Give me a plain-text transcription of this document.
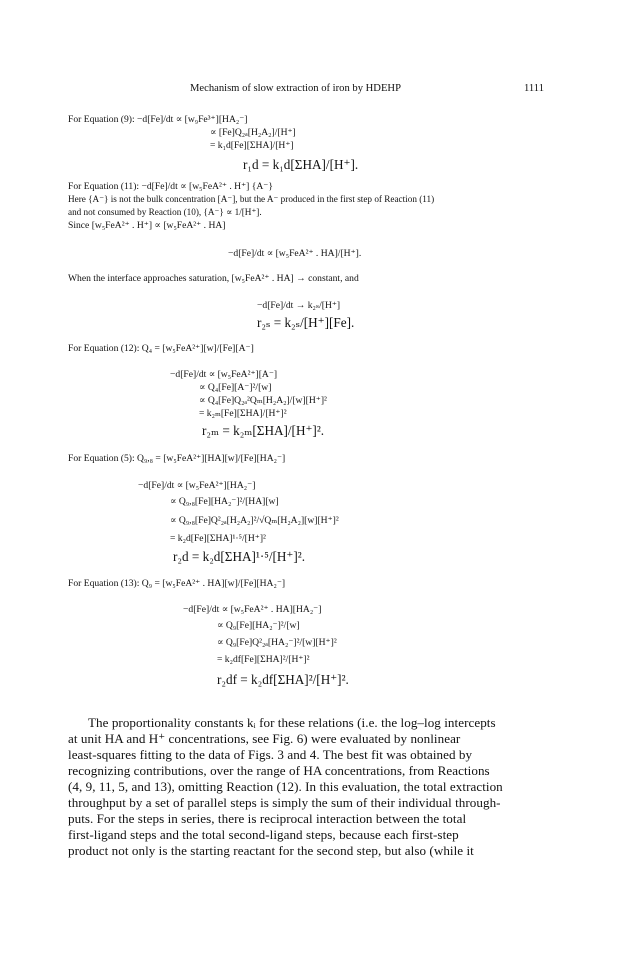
Mechanism of slow extraction of iron by HDEHP	1111
For Equation (9): −d[Fe]/dt ∝ [w₉Fe³⁺][HA₂⁻]
∝ [Fe]Q₂ₐ[H₂A₂]/[H⁺]
= k₁d[Fe][ΣHA]/[H⁺]
r₁d = k₁d[ΣHA]/[H⁺].
For Equation (11): −d[Fe]/dt ∝ [w₅FeA²⁺ . H⁺] {A⁻}
Here {A⁻} is not the bulk concentration [A⁻], but the A⁻ produced in the first step of Reaction (11)
and not consumed by Reaction (10), {A⁻} ∝ 1/[H⁺].
Since [w₅FeA²⁺ . H⁺] ∝ [w₅FeA²⁺ . HA]
−d[Fe]/dt ∝ [w₅FeA²⁺ . HA]/[H⁺].
When the interface approaches saturation, [w₅FeA²⁺ . HA] → constant, and
−d[Fe]/dt → k₂ₛ/[H⁺]
r₂ₛ = k₂ₛ/[H⁺][Fe].
For Equation (12): Q₄ = [w₅FeA²⁺][w]/[Fe][A⁻]
−d[Fe]/dt ∝ [w₅FeA²⁺][A⁻]
∝ Q₄[Fe][A⁻]²/[w]
∝ Q₄[Fe]Q₂ₐ²Qₘ[H₂A₂]/[w][H⁺]²
= k₂ₘ[Fe][ΣHA]/[H⁺]²
r₂ₘ = k₂ₘ[ΣHA]/[H⁺]².
For Equation (5): Q₉,₈ = [w₅FeA²⁺][HA][w]/[Fe][HA₂⁻]
−d[Fe]/dt ∝ [w₅FeA²⁺][HA₂⁻]
∝ Q₉,₈[Fe][HA₂⁻]²/[HA][w]
∝ Q₉,₈[Fe]Q²₂ₐ[H₂A₂]²/√Qₘ[H₂A₂][w][H⁺]²
= k₂d[Fe][ΣHA]¹·⁵/[H⁺]²
r₂d = k₂d[ΣHA]¹·⁵/[H⁺]².
For Equation (13): Q₉ = [w₅FeA²⁺ . HA][w]/[Fe][HA₂⁻]
−d[Fe]/dt ∝ [w₅FeA²⁺ . HA][HA₂⁻]
∝ Q₉[Fe][HA₂⁻]²/[w]
∝ Q₉[Fe]Q²₂ₐ[HA₂⁻]²/[w][H⁺]²
= k₂df[Fe][ΣHA]²/[H⁺]²
r₂df = k₂df[ΣHA]²/[H⁺]².
The proportionality constants kᵢ for these relations (i.e. the log–log intercepts
at unit HA and H⁺ concentrations, see Fig. 6) were evaluated by nonlinear
least-squares fitting to the data of Figs. 3 and 4. The best fit was obtained by
recognizing contributions, over the range of HA concentrations, from Reactions
(4, 9, 11, 5, and 13), omitting Reaction (12). In this evaluation, the total extraction
throughput by a set of parallel steps is simply the sum of their individual through-
puts. For the steps in series, there is reciprocal interaction between the total
first-ligand steps and the total second-ligand steps, because each first-step
product not only is the starting reactant for the second step, but also (while it
